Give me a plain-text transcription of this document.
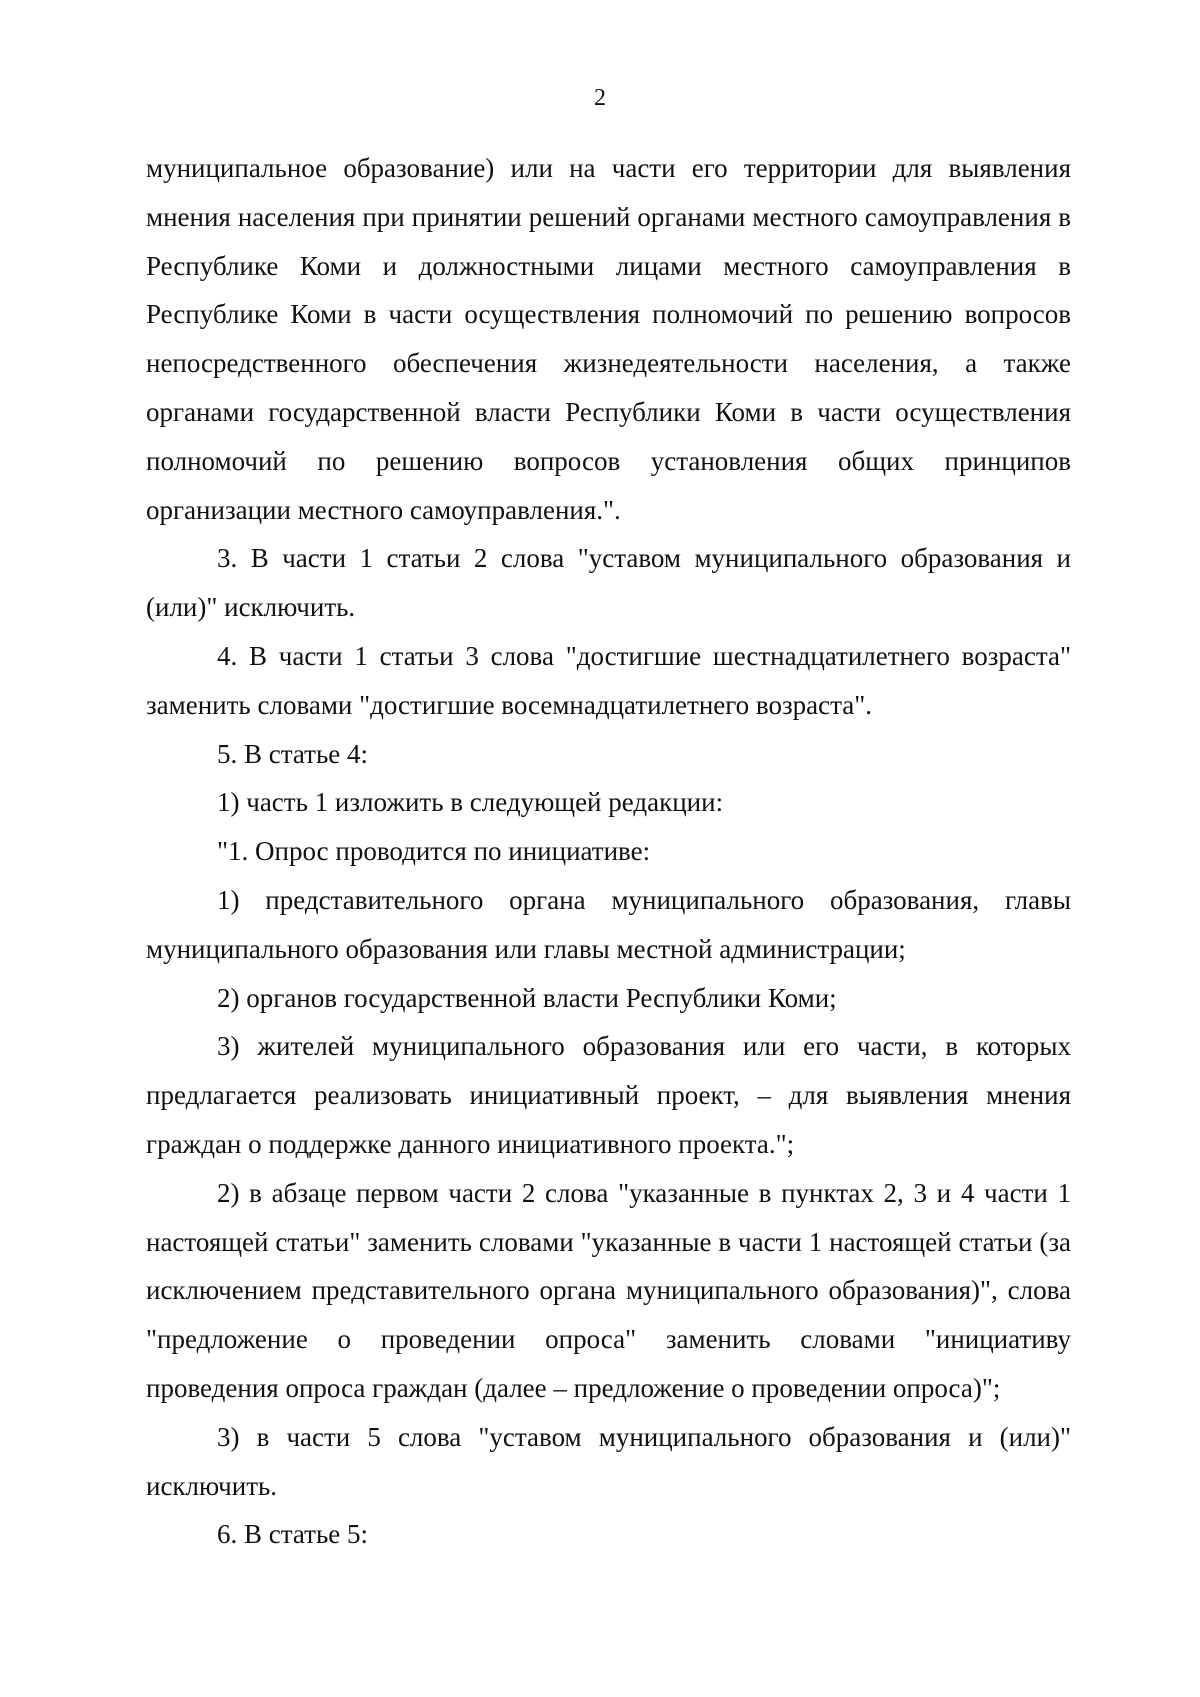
2

муниципальное образование) или на части его территории для выявления мнения населения при принятии решений органами местного самоуправления в Республике Коми и должностными лицами местного самоуправления в Республике Коми в части осуществления полномочий по решению вопросов непосредственного обеспечения жизнедеятельности населения, а также органами государственной власти Республики Коми в части осуществления полномочий по решению вопросов установления общих принципов организации местного самоуправления.".

3. В части 1 статьи 2 слова "уставом муниципального образования и (или)" исключить.

4. В части 1 статьи 3 слова "достигшие шестнадцатилетнего возраста" заменить словами "достигшие восемнадцатилетнего возраста".

5. В статье 4:

1) часть 1 изложить в следующей редакции:

"1. Опрос проводится по инициативе:

1) представительного органа муниципального образования, главы муниципального образования или главы местной администрации;

2) органов государственной власти Республики Коми;

3) жителей муниципального образования или его части, в которых предлагается реализовать инициативный проект, – для выявления мнения граждан о поддержке данного инициативного проекта.";

2) в абзаце первом части 2 слова "указанные в пунктах 2, 3 и 4 части 1 настоящей статьи" заменить словами "указанные в части 1 настоящей статьи (за исключением представительного органа муниципального образования)", слова "предложение о проведении опроса" заменить словами "инициативу проведения опроса граждан (далее – предложение о проведении опроса)";

3) в части 5 слова "уставом муниципального образования и (или)" исключить.

6. В статье 5:
